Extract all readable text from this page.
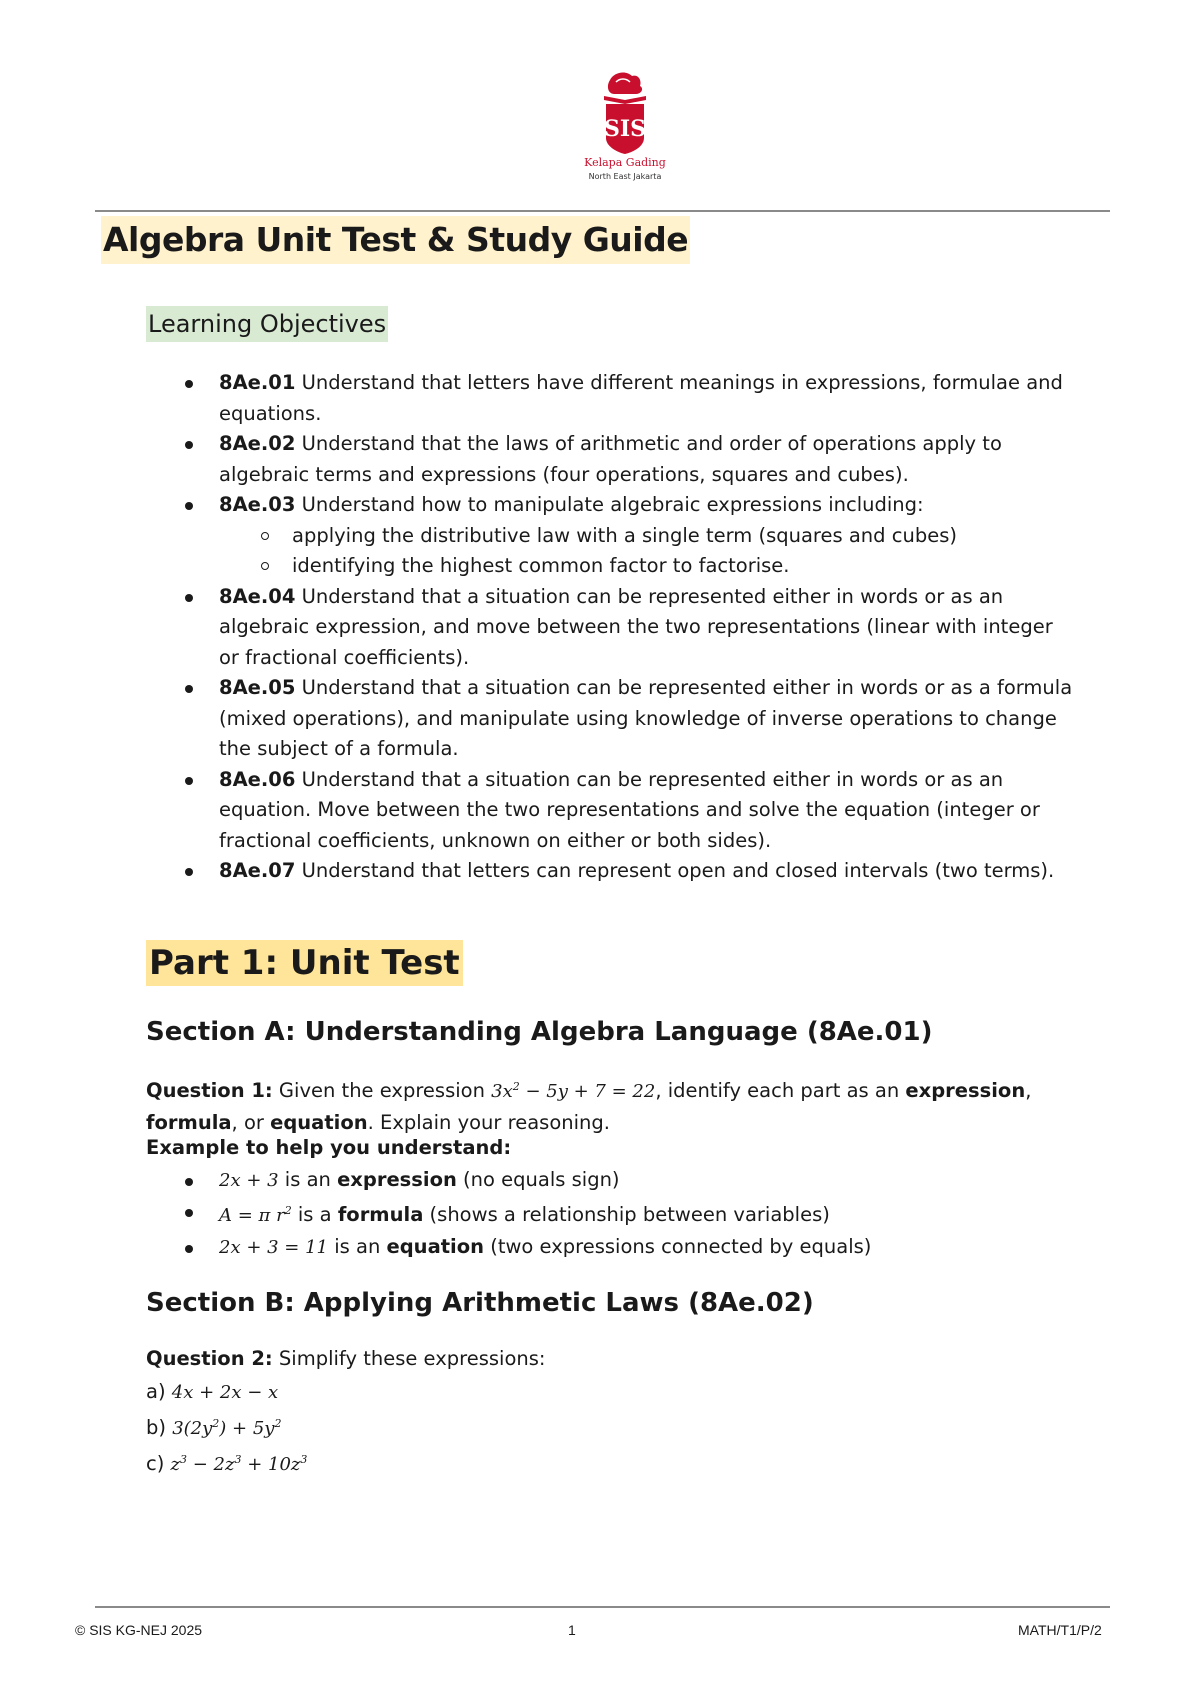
SIS
Kelapa Gading
North East Jakarta
Algebra Unit Test & Study Guide
Learning Objectives
8Ae.01 Understand that letters have different meanings in expressions, formulae and equations.
8Ae.02 Understand that the laws of arithmetic and order of operations apply to algebraic terms and expressions (four operations, squares and cubes).
8Ae.03 Understand how to manipulate algebraic expressions including:
applying the distributive law with a single term (squares and cubes)
identifying the highest common factor to factorise.
8Ae.04 Understand that a situation can be represented either in words or as an algebraic expression, and move between the two representations (linear with integer or fractional coefficients).
8Ae.05 Understand that a situation can be represented either in words or as a formula (mixed operations), and manipulate using knowledge of inverse operations to change the subject of a formula.
8Ae.06 Understand that a situation can be represented either in words or as an equation. Move between the two representations and solve the equation (integer or fractional coefficients, unknown on either or both sides).
8Ae.07 Understand that letters can represent open and closed intervals (two terms).
Part 1: Unit Test
Section A: Understanding Algebra Language (8Ae.01)

Question 1: Given the expression $3x^2 - 5y + 7 = 22$, identify each part as an expression, formula, or equation. Explain your reasoning.

Example to help you understand:

2x + 3 is an expression (no equals sign)
A = π $r^2$ is a formula (shows a relationship between variables)
2x + 3 = 11 is an equation (two expressions connected by equals)
Section B: Applying Arithmetic Laws (8Ae.02)

Question 2: Simplify these expressions:

a) 4x + 2x − x
b) $3(2y^2) + 5y^2$
c) $z^3 - 2z^3 + 10z^3$
© SIS KG-NEJ 2025	1	MATH/T1/P/2
